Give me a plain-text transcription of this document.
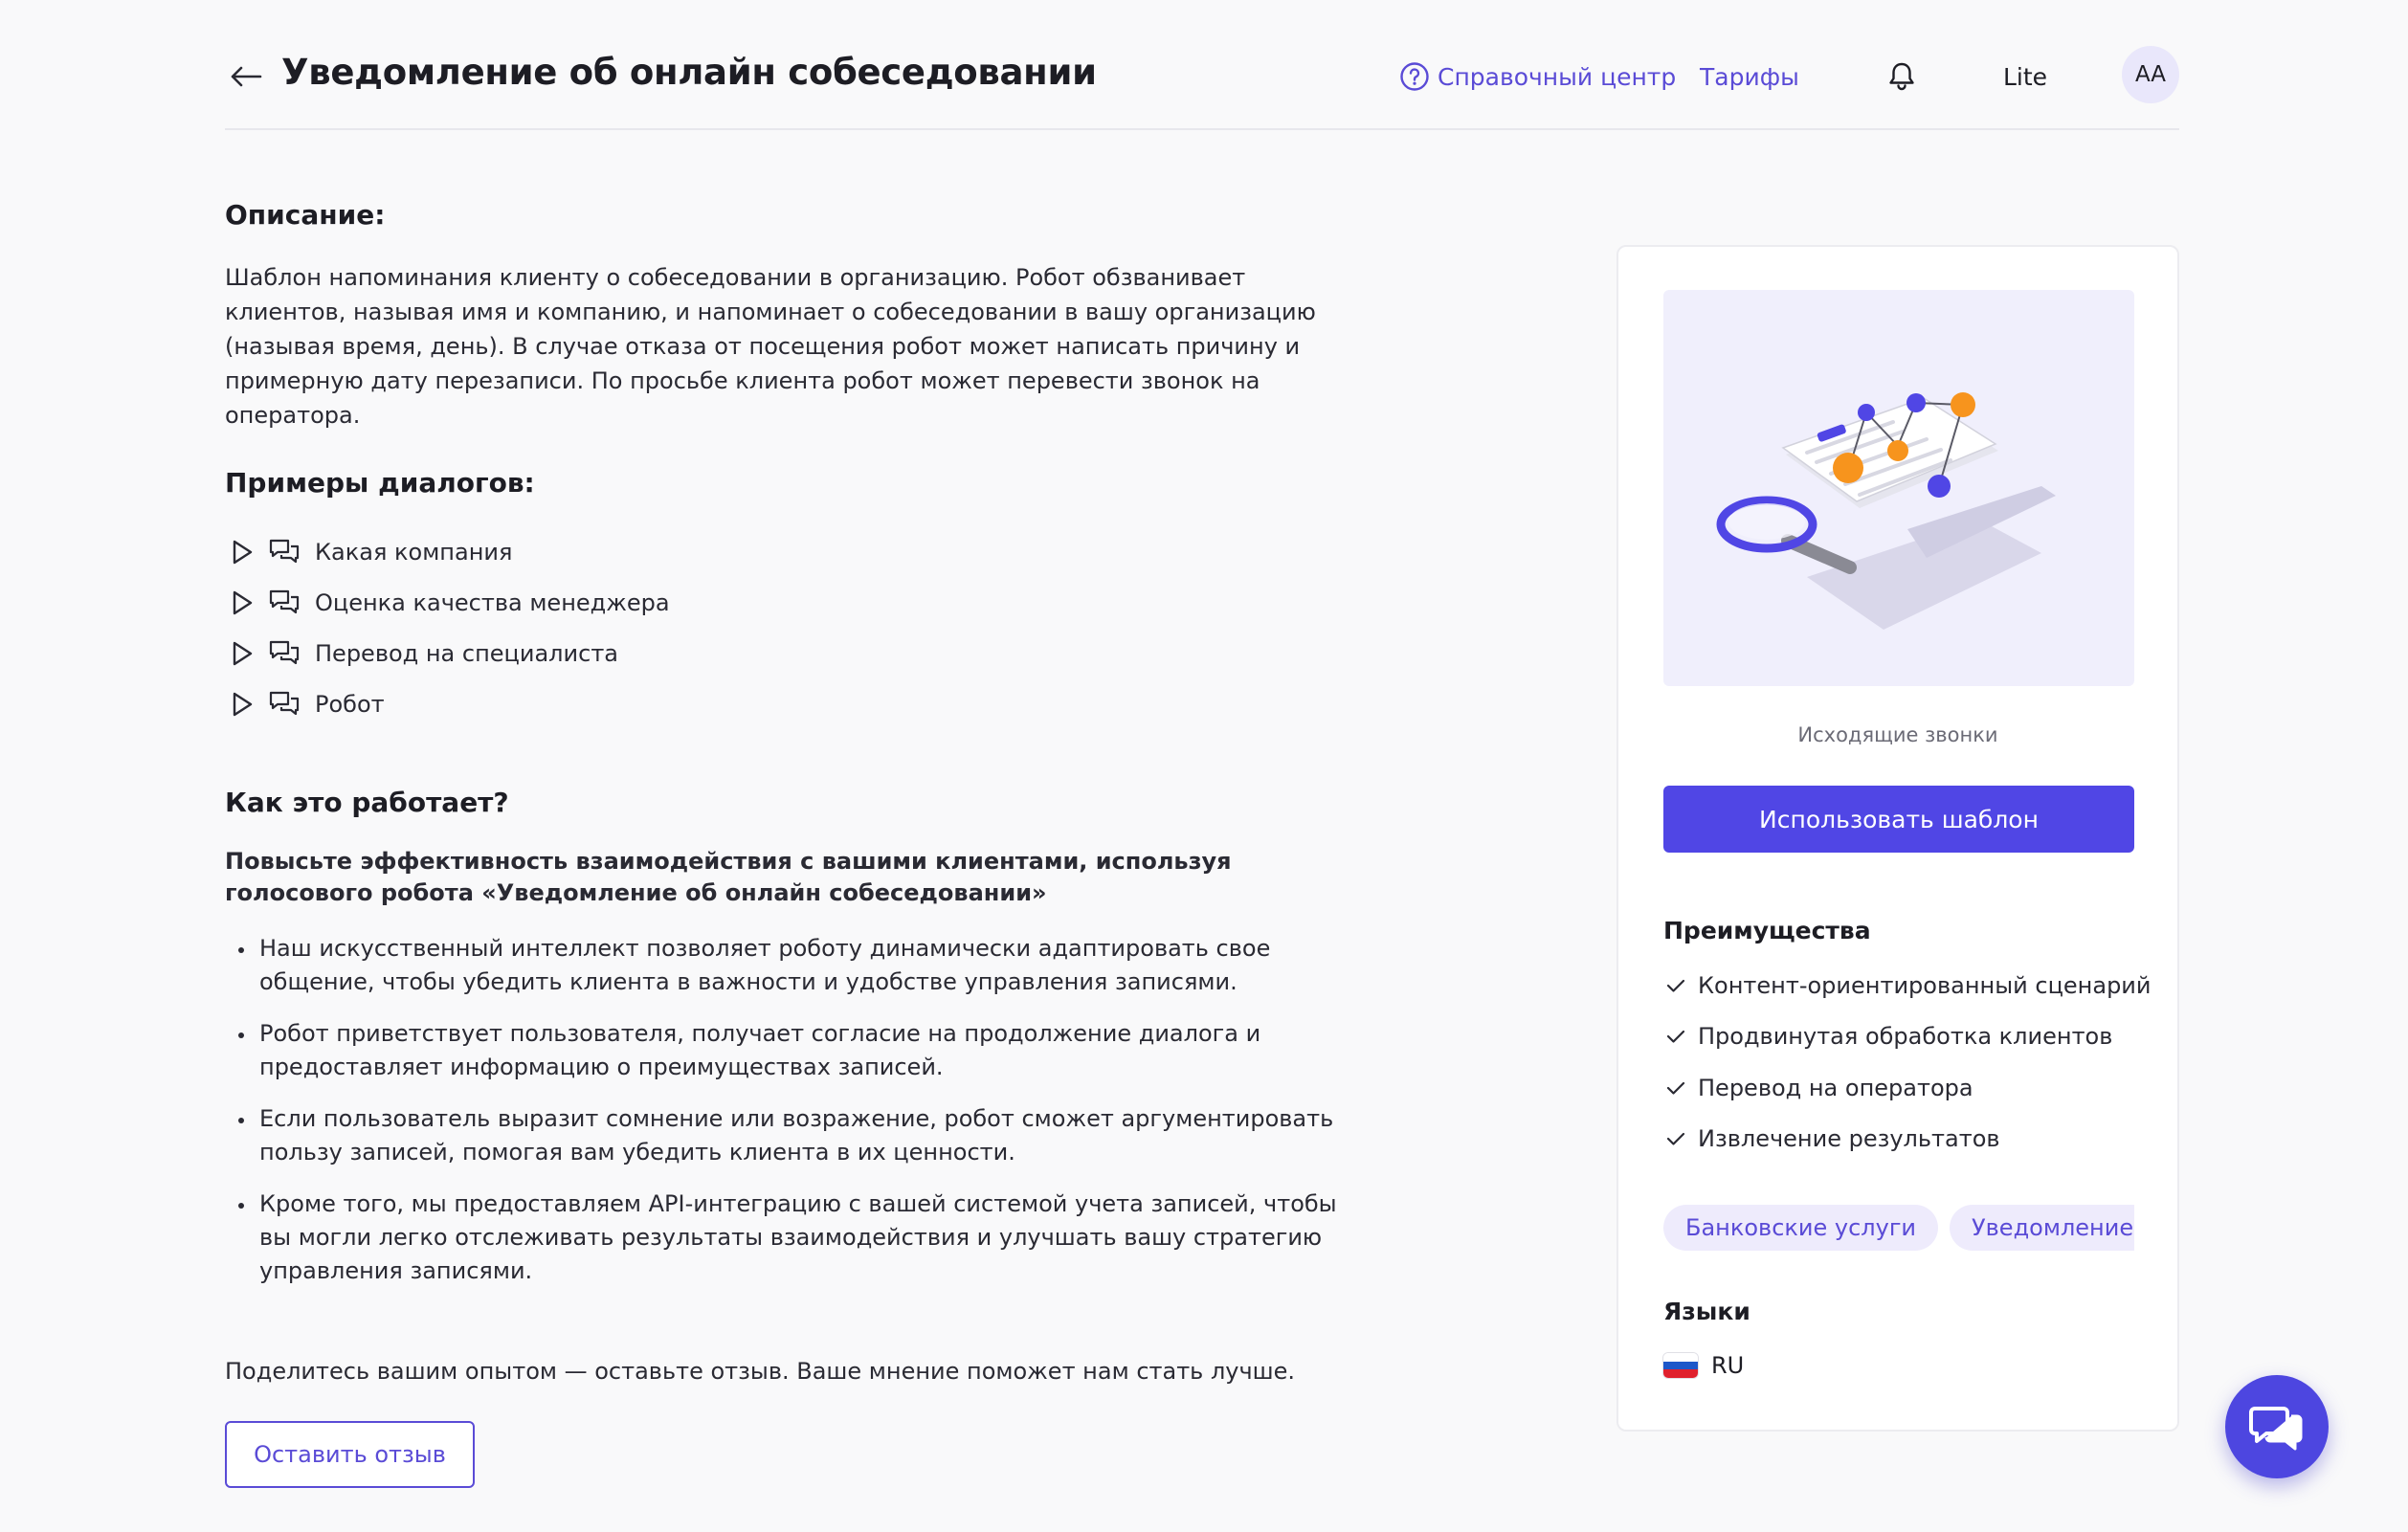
Уведомление об онлайн собеседовании	Справочный центр Тарифы	Lite	AA
Описание:
Шаблон напоминания клиенту о собеседовании в организацию. Робот обзванивает клиентов, называя имя и компанию, и напоминает о собеседовании в вашу организацию (называя время, день). В случае отказа от посещения робот может написать причину и примерную дату перезаписи. По просьбе клиента робот может перевести звонок на оператора.
Примеры диалогов:
Какая компания
Оценка качества менеджера
Перевод на специалиста
Робот
Как это работает?
Повысьте эффективность взаимодействия с вашими клиентами, используя голосового робота «Уведомление об онлайн собеседовании»
Наш искусственный интеллект позволяет роботу динамически адаптировать свое общение, чтобы убедить клиента в важности и удобстве управления записями.
Робот приветствует пользователя, получает согласие на продолжение диалога и предоставляет информацию о преимуществах записей.
Если пользователь выразит сомнение или возражение, робот сможет аргументировать пользу записей, помогая вам убедить клиента в их ценности.
Кроме того, мы предоставляем API-интеграцию с вашей системой учета записей, чтобы вы могли легко отслеживать результаты взаимодействия и улучшать вашу стратегию управления записями.
Поделитесь вашим опытом — оставьте отзыв. Ваше мнение поможет нам стать лучше.
Оставить отзыв
Исходящие звонки
Использовать шаблон
Преимущества
Контент-ориентированный сценарий
Продвинутая обработка клиентов
Перевод на оператора
Извлечение результатов
Банковские услуги	Уведомление
Языки
RU
